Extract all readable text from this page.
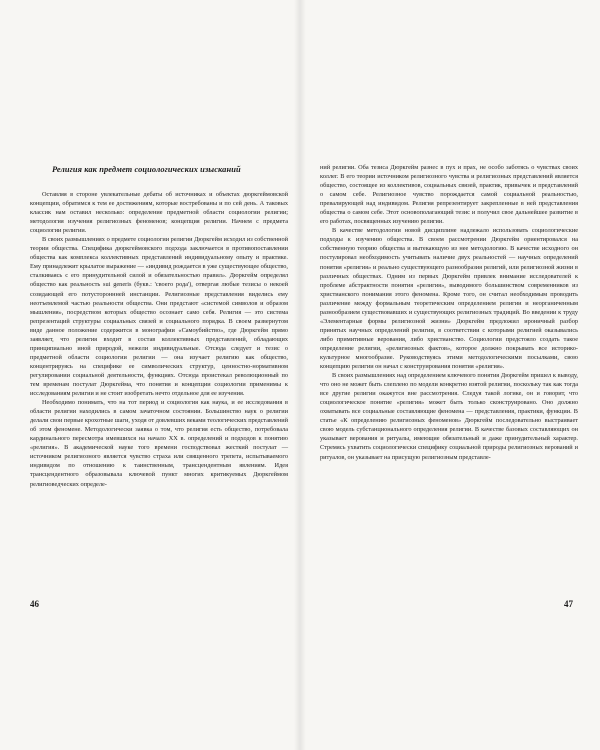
Религия как предмет социологических изысканий

Оставляя в стороне увлекательные дебаты об источниках и объектах дюркгеймовской концепции, обратимся к тем ее достижениям, которые востребованы и по сей день. А таковых классик нам оставил несколько: определение предметной области социологии религии; методология изучения религиозных феноменов; концепция религии. Начнем с предмета социологии религии.

В своих размышлениях о предмете социологии религии Дюркгейм исходил из собственной теории общества. Специфика дюркгеймовского подхода заключается в противопоставлении общества как комплекса коллективных представлений индивидуальному опыту и практике. Ему принадлежит крылатое выражение — «индивид рождается в уже существующее общество, сталкиваясь с его принудительной силой и обязательностью правил». Дюркгейм определял общество как реальность sui generis (букв.: 'своего рода'), отвергая любые тезисы о некоей созидающей его потустороннней инстанции. Религиозные представления виделись ему неотъемлемой частью реальности общества. Они предстают «системой символов и образом мышления», посредством которых общество осознает само себя. Религия — это система репрезентаций структуры социальных связей и социального порядка. В своем развернутом виде данное положение содержится в монографии «Самоубийство», где Дюркгейм прямо заявляет, что религия входит в состав коллективных представлений, обладающих принципиально иной природой, нежели индивидуальные. Отсюда следует и тезис о предметной области социологии религии — она изучает религию как общество, концентрируясь на специфике ее символических структур, ценностно-нормативном регулировании социальной деятельности, функциях. Отсюда проистекал революционный по тем временам постулат Дюркгейма, что понятия и концепции социологии применимы к исследованиям религии и не стоит изобретать нечто отдельное для ее изучения.

Необходимо понимать, что на тот период и социология как наука, и ее исследования в области религии находились в самом зачаточном состоянии. Большинство наук о религии делали свои первые крохотные шаги, уходя от довлевших веками теологических представлений об этом феномене. Методологически заявка о том, что религия есть общество, потребовала кардинального пересмотра имевшихся на начало XX в. определений и подходов к понятию «религия». В академической науке того времени господствовал жесткий постулат — источником религиозного является чувство страха или священного трепета, испытываемого индивидом по отношению к таинственным, трансцендентным явлениям. Идея трансцендентного образовывала ключевой пункт многих критикуемых Дюркгеймом религиоведческих определе-

46

ний религии. Оба тезиса Дюркгейм разнес в пух и прах, не особо заботясь о чувствах своих коллег. В его теории источником религиозного чувства и религиозных представлений является общество, состоящее из коллективов, социальных связей, практик, привычек и представлений о самом себе. Религиозное чувство порождается самой социальной реальностью, превалирующей над индивидом. Религия репрезентирует закрепленные в ней представления общества о самом себе. Этот основополагающий тезис и получил свое дальнейшее развитие в его работах, посвященных изучению религии.

В качестве методологии новой дисциплине надлежало использовать социологические подходы к изучению общества. В своем рассмотрении Дюркгейм ориентировался на собственную теорию общества и вытекающую из нее методологию. В качестве исходного он постулировал необходимость учитывать наличие двух реальностей — научных определений понятия «религия» и реально существующего разнообразия религий, или религиозной жизни в различных обществах. Одним из первых Дюркгейм привлек внимание исследователей к проблеме абстрактности понятия «религия», выводимого большинством современников из христианского понимания этого феномена. Кроме того, он считал необходимым проводить различение между формальным теоретическим определением религии и неорганиченным разнообразием существовавших и существующих религиозных традиций. Во введении к труду «Элементарные формы религиозной жизни» Дюркгейм предложил ироничный разбор принятых научных определений религии, в соответствии с которыми религией оказывались либо примитивные верования, либо христианство. Социологии предстояло создать такое определение религии, «религиозных фактов», которое должно покрывать все историко-культурное многообразие. Руководствуясь этими методологическими посылками, свою концепцию религии он начал с конструирования понятия «религия».

В своих размышлениях над определением ключевого понятия Дюркгейм пришел к выводу, что оно не может быть слепленo по модели конкретно взятой религии, поскольку так как тогда все другие религии окажутся вне рассмотрения. Следуя такой логике, он и говорит, что социологическое понятие «религия» может быть только сконструировано. Оно должно охватывать все социальные составляющие феномена — представления, практики, функции. В статье «К определению религиозных феноменов» Дюркгейм последовательно выстраивает свою модель субстанционального определения религии. В качестве базовых составляющих он указывает верования и ритуалы, имеющие обязательный и даже принудительный характер. Стремясь ухватить социологически специфику социальной природы религиозных верований и ритуалов, он указывает на присущую религиозным представле-

47
